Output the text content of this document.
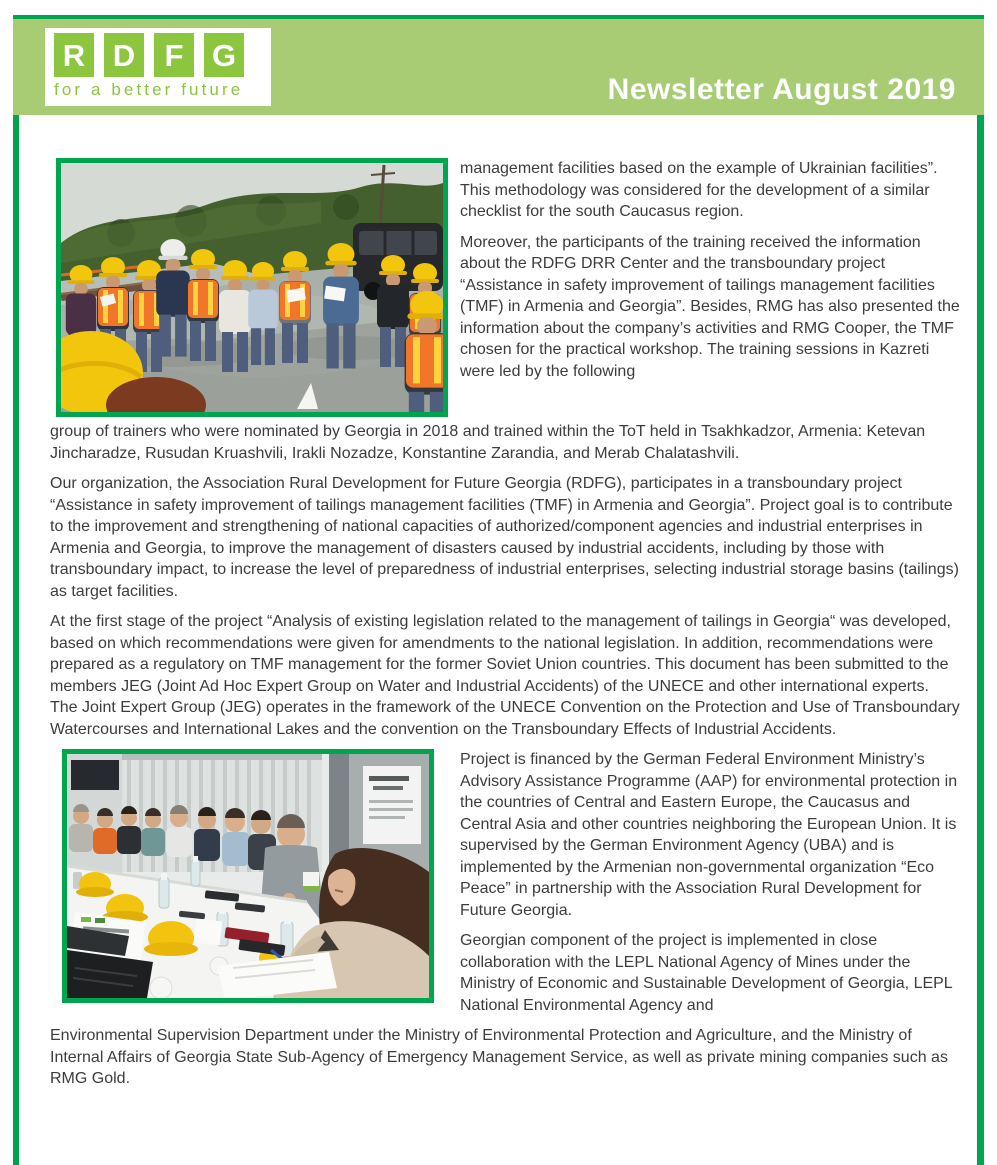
R D F G
for a better future	Newsletter August 2019

management facilities based on the example of Ukrainian facilities”. This methodology was considered for the development of a similar checklist for the south Caucasus region.

Moreover, the participants of the training received the information about the RDFG DRR Center and the transboundary project “Assistance in safety improvement of tailings management facilities (TMF) in Armenia and Georgia”. Besides, RMG has also presented the information about the company’s activities and RMG Cooper, the TMF chosen for the practical workshop. The training sessions in Kazreti were led by the following

group of trainers who were nominated by Georgia in 2018 and trained within the ToT held in Tsakhkadzor, Armenia: Ketevan Jincharadze, Rusudan Kruashvili, Irakli Nozadze, Konstantine Zarandia, and Merab Chalatashvili.

Our organization, the Association Rural Development for Future Georgia (RDFG), participates in a transboundary project “Assistance in safety improvement of tailings management facilities (TMF) in Armenia and Georgia”. Project goal is to contribute to the improvement and strengthening of national capacities of authorized/component agencies and industrial enterprises in Armenia and Georgia, to improve the management of disasters caused by industrial accidents, including by those with transboundary impact, to increase the level of preparedness of industrial enterprises, selecting industrial storage basins (tailings) as target facilities.

At the first stage of the project “Analysis of existing legislation related to the management of tailings in Georgia“ was developed, based on which recommendations were given for amendments to the national legislation. In addition, recommendations were prepared as a regulatory on TMF management for the former Soviet Union countries. This document has been submitted to the members JEG (Joint Ad Hoc Expert Group on Water and Industrial Accidents) of the UNECE and other international experts. The Joint Expert Group (JEG) operates in the framework of the UNECE Convention on the Protection and Use of Transboundary Watercourses and International Lakes and the convention on the Transboundary Effects of Industrial Accidents.

Project is financed by the German Federal Environment Ministry’s Advisory Assistance Programme (AAP) for environmental protection in the countries of Central and Eastern Europe, the Caucasus and Central Asia and other countries neighboring the European Union. It is supervised by the German Environment Agency (UBA) and is implemented by the Armenian non-governmental organization “Eco Peace” in partnership with the Association Rural Development for Future Georgia.

Georgian component of the project is implemented in close collaboration with the LEPL National Agency of Mines under the Ministry of Economic and Sustainable Development of Georgia, LEPL National Environmental Agency and

Environmental Supervision Department under the Ministry of Environmental Protection and Agriculture, and the Ministry of Internal Affairs of Georgia State Sub-Agency of Emergency Management Service, as well as private mining companies such as RMG Gold.
